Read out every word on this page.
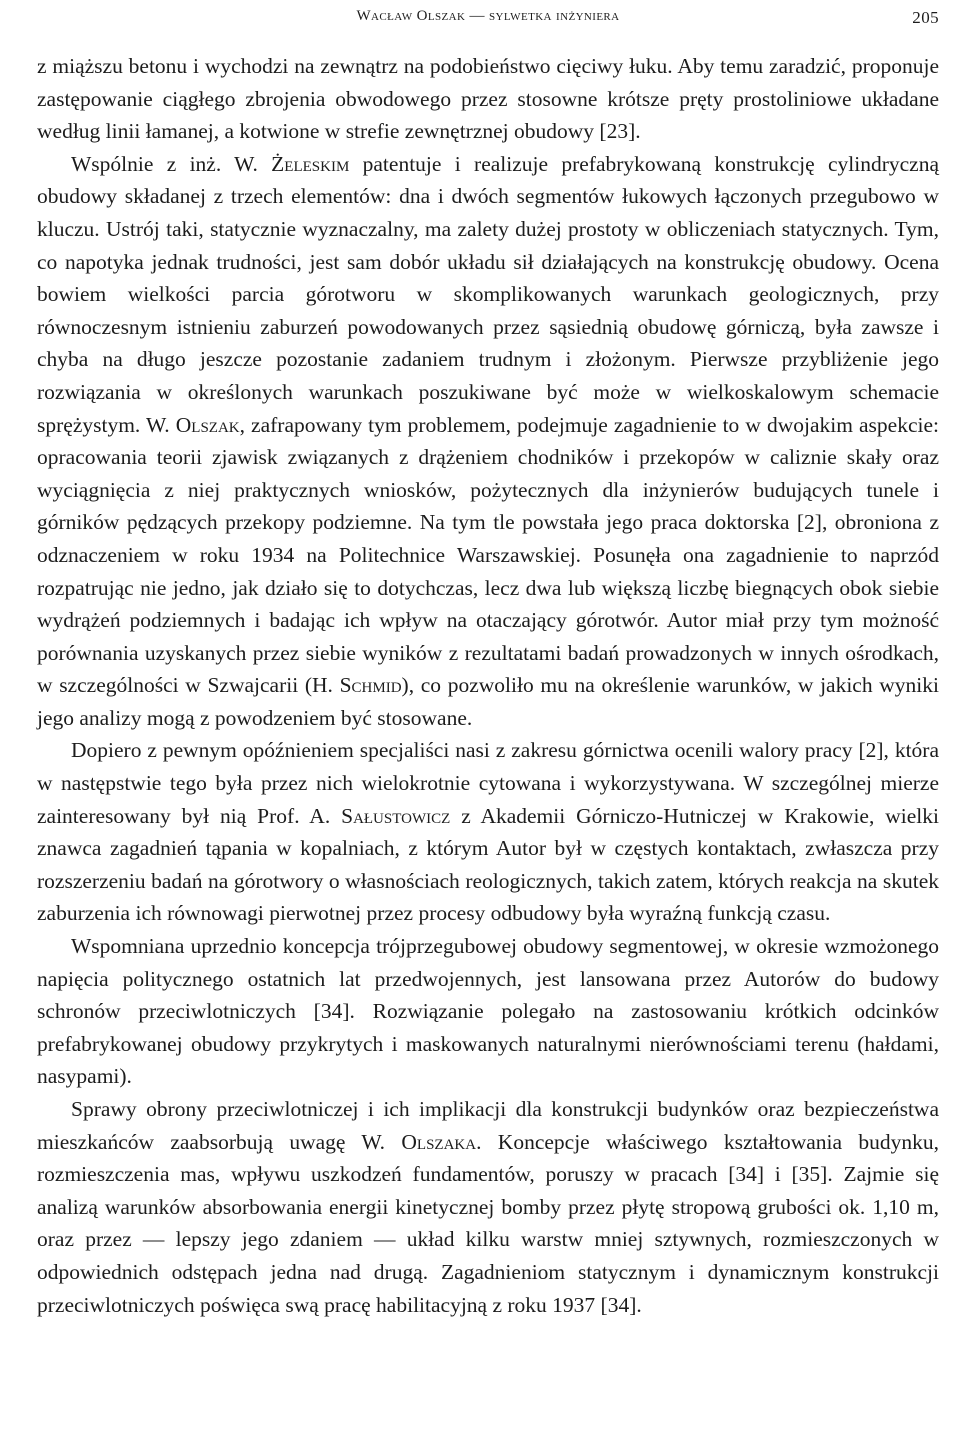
Wacław Olszak — sylwetka inżyniera	205

z miąższu betonu i wychodzi na zewnątrz na podobieństwo cięciwy łuku. Aby temu zaradzić, proponuje zastępowanie ciągłego zbrojenia obwodowego przez stosowne krótsze pręty prostoliniowe układane według linii łamanej, a kotwione w strefie zewnętrznej obudowy [23].

Wspólnie z inż. W. Żeleskim patentuje i realizuje prefabrykowaną konstrukcję cylindryczną obudowy składanej z trzech elementów: dna i dwóch segmentów łukowych łączonych przegubowo w kluczu. Ustrój taki, statycznie wyznaczalny, ma zalety dużej prostoty w obliczeniach statycznych. Tym, co napotyka jednak trudności, jest sam dobór układu sił działających na konstrukcję obudowy. Ocena bowiem wielkości parcia górotworu w skomplikowanych warunkach geologicznych, przy równoczesnym istnieniu zaburzeń powodowanych przez sąsiednią obudowę górniczą, była zawsze i chyba na długo jeszcze pozostanie zadaniem trudnym i złożonym. Pierwsze przybliżenie jego rozwiązania w określonych warunkach poszukiwane być może w wielkoskalowym schemacie sprężystym. W. Olszak, zafrapowany tym problemem, podejmuje zagadnienie to w dwojakim aspekcie: opracowania teorii zjawisk związanych z drążeniem chodników i przekopów w caliznie skały oraz wyciągnięcia z niej praktycznych wniosków, pożytecznych dla inżynierów budujących tunele i górników pędzących przekopy podziemne. Na tym tle powstała jego praca doktorska [2], obroniona z odznaczeniem w roku 1934 na Politechnice Warszawskiej. Posunęła ona zagadnienie to naprzód rozpatrując nie jedno, jak działo się to dotychczas, lecz dwa lub większą liczbę biegnących obok siebie wydrążeń podziemnych i badając ich wpływ na otaczający górotwór. Autor miał przy tym możność porównania uzyskanych przez siebie wyników z rezultatami badań prowadzonych w innych ośrodkach, w szczególności w Szwajcarii (H. Schmid), co pozwoliło mu na określenie warunków, w jakich wyniki jego analizy mogą z powodzeniem być stosowane.

Dopiero z pewnym opóźnieniem specjaliści nasi z zakresu górnictwa ocenili walory pracy [2], która w następstwie tego była przez nich wielokrotnie cytowana i wykorzystywana. W szczególnej mierze zainteresowany był nią Prof. A. Sałustowicz z Akademii Górniczo-Hutniczej w Krakowie, wielki znawca zagadnień tąpania w kopalniach, z którym Autor był w częstych kontaktach, zwłaszcza przy rozszerzeniu badań na górotwory o własnościach reologicznych, takich zatem, których reakcja na skutek zaburzenia ich równowagi pierwotnej przez procesy odbudowy była wyraźną funkcją czasu.

Wspomniana uprzednio koncepcja trójprzegubowej obudowy segmentowej, w okresie wzmożonego napięcia politycznego ostatnich lat przedwojennych, jest lansowana przez Autorów do budowy schronów przeciwlotniczych [34]. Rozwiązanie polegało na zastosowaniu krótkich odcinków prefabrykowanej obudowy przykrytych i maskowanych naturalnymi nierównościami terenu (hałdami, nasypami).

Sprawy obrony przeciwlotniczej i ich implikacji dla konstrukcji budynków oraz bezpieczeństwa mieszkańców zaabsorbują uwagę W. Olszaka. Koncepcje właściwego kształtowania budynku, rozmieszczenia mas, wpływu uszkodzeń fundamentów, poruszy w pracach [34] i [35]. Zajmie się analizą warunków absorbowania energii kinetycznej bomby przez płytę stropową grubości ok. 1,10 m, oraz przez — lepszy jego zdaniem — układ kilku warstw mniej sztywnych, rozmieszczonych w odpowiednich odstępach jedna nad drugą. Zagadnieniom statycznym i dynamicznym konstrukcji przeciwlotniczych poświęca swą pracę habilitacyjną z roku 1937 [34].
